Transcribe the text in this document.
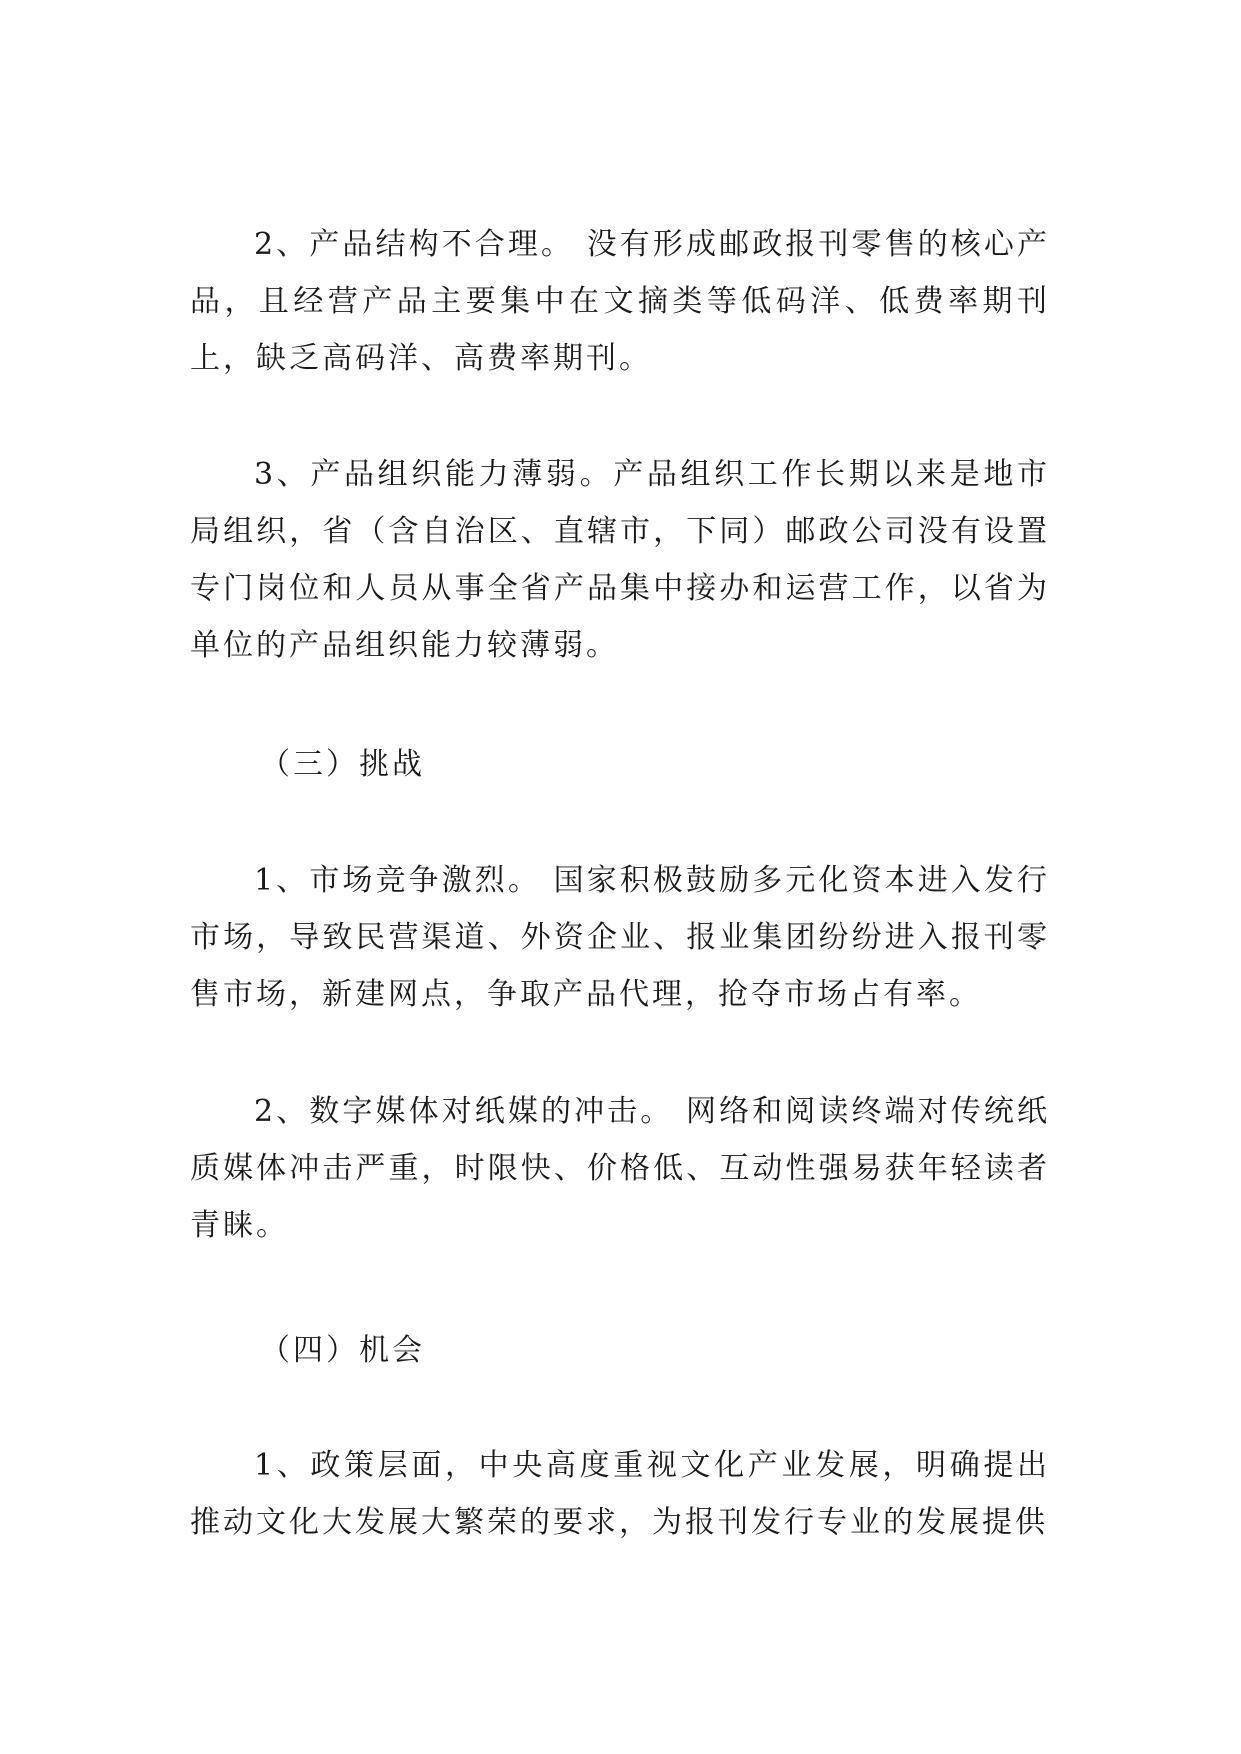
2、产品结构不合理。 没有形成邮政报刊零售的核心产品，且经营产品主要集中在文摘类等低码洋、低费率期刊上，缺乏高码洋、高费率期刊。

3、产品组织能力薄弱。产品组织工作长期以来是地市局组织，省（含自治区、直辖市，下同）邮政公司没有设置专门岗位和人员从事全省产品集中接办和运营工作，以省为单位的产品组织能力较薄弱。

（三）挑战

1、市场竞争激烈。 国家积极鼓励多元化资本进入发行市场，导致民营渠道、外资企业、报业集团纷纷进入报刊零售市场，新建网点，争取产品代理，抢夺市场占有率。

2、数字媒体对纸媒的冲击。 网络和阅读终端对传统纸质媒体冲击严重，时限快、价格低、互动性强易获年轻读者青睐。

（四）机会

1、政策层面，中央高度重视文化产业发展，明确提出推动文化大发展大繁荣的要求，为报刊发行专业的发展提供
